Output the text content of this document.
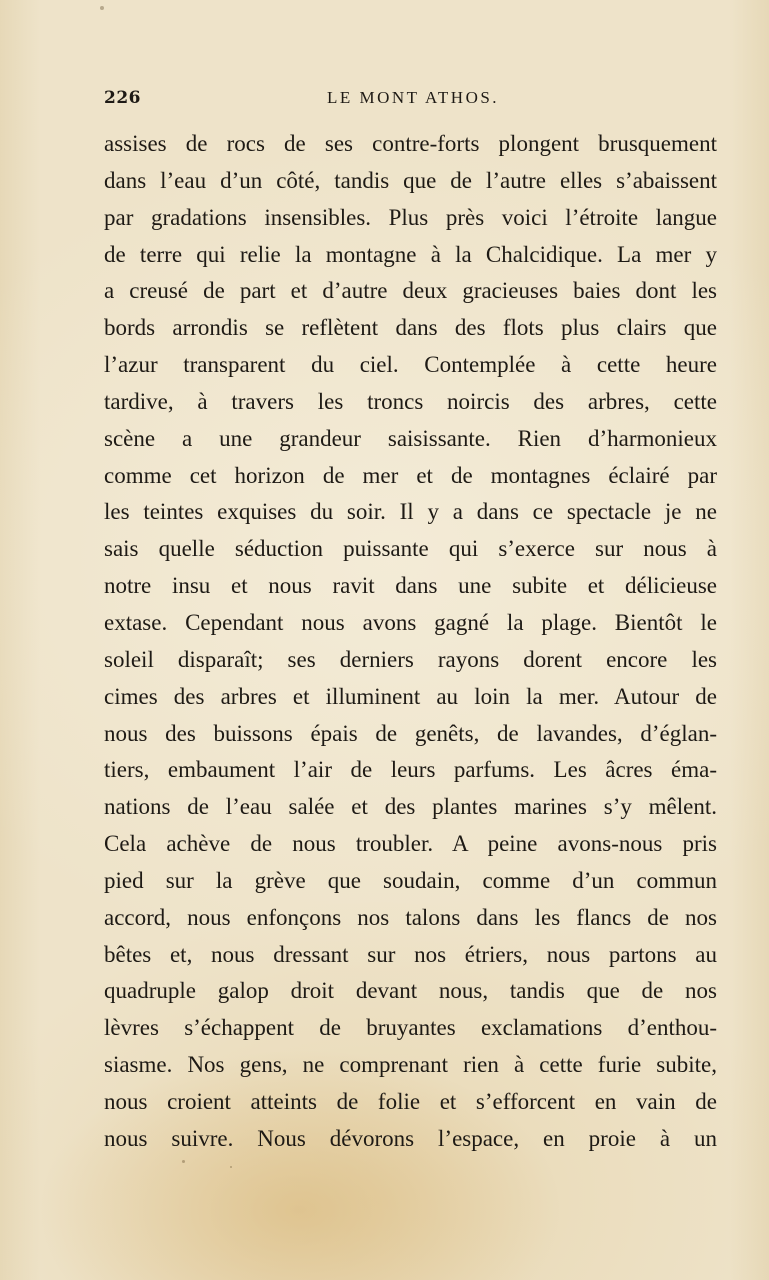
226	LE MONT ATHOS.
assises de rocs de ses contre-forts plongent brusquement
dans l’eau d’un côté, tandis que de l’autre elles s’abaissent
par gradations insensibles. Plus près voici l’étroite langue
de terre qui relie la montagne à la Chalcidique. La mer y
a creusé de part et d’autre deux gracieuses baies dont les
bords arrondis se reflètent dans des flots plus clairs que
l’azur transparent du ciel. Contemplée à cette heure
tardive, à travers les troncs noircis des arbres, cette
scène a une grandeur saisissante. Rien d’harmonieux
comme cet horizon de mer et de montagnes éclairé par
les teintes exquises du soir. Il y a dans ce spectacle je ne
sais quelle séduction puissante qui s’exerce sur nous à
notre insu et nous ravit dans une subite et délicieuse
extase. Cependant nous avons gagné la plage. Bientôt le
soleil disparaît; ses derniers rayons dorent encore les
cimes des arbres et illuminent au loin la mer. Autour de
nous des buissons épais de genêts, de lavandes, d’églan-
tiers, embaument l’air de leurs parfums. Les âcres éma-
nations de l’eau salée et des plantes marines s’y mêlent.
Cela achève de nous troubler. A peine avons-nous pris
pied sur la grève que soudain, comme d’un commun
accord, nous enfonçons nos talons dans les flancs de nos
bêtes et, nous dressant sur nos étriers, nous partons au
quadruple galop droit devant nous, tandis que de nos
lèvres s’échappent de bruyantes exclamations d’enthou-
siasme. Nos gens, ne comprenant rien à cette furie subite,
nous croient atteints de folie et s’efforcent en vain de
nous suivre. Nous dévorons l’espace, en proie à un
